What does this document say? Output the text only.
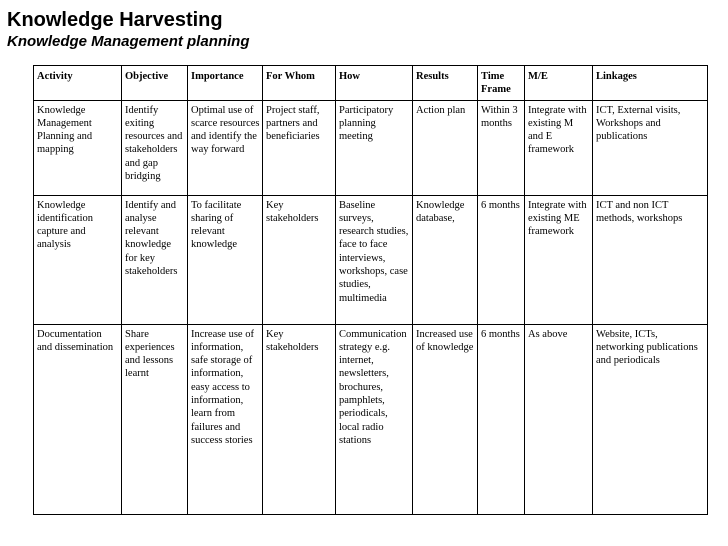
Knowledge Harvesting
Knowledge Management planning
Activity	Objective	Importance	For Whom	How	Results	Time Frame	M/E	Linkages
Knowledge Management Planning and mapping	Identify exiting resources and stakeholders and gap bridging	Optimal use of scarce resources and identify the way forward	Project staff, partners and beneficiaries	Participatory planning meeting	Action plan	Within 3 months	Integrate with existing M and E framework	ICT, External visits, Workshops and publications
Knowledge identification capture and analysis	Identify and analyse relevant knowledge for key stakeholders	To facilitate sharing of relevant knowledge	Key stakeholders	Baseline surveys, research studies, face to face interviews, workshops, case studies, multimedia	Knowledge database,	6 months	Integrate with existing ME framework	ICT and non ICT methods, workshops
Documentation and dissemination	Share experiences and lessons learnt	Increase use of information, safe storage of information, easy access to information, learn from failures and success stories	Key stakeholders	Communication strategy e.g. internet, newsletters, brochures, pamphlets, periodicals, local radio stations	Increased use of knowledge	6 months	As above	Website, ICTs, networking publications and periodicals
